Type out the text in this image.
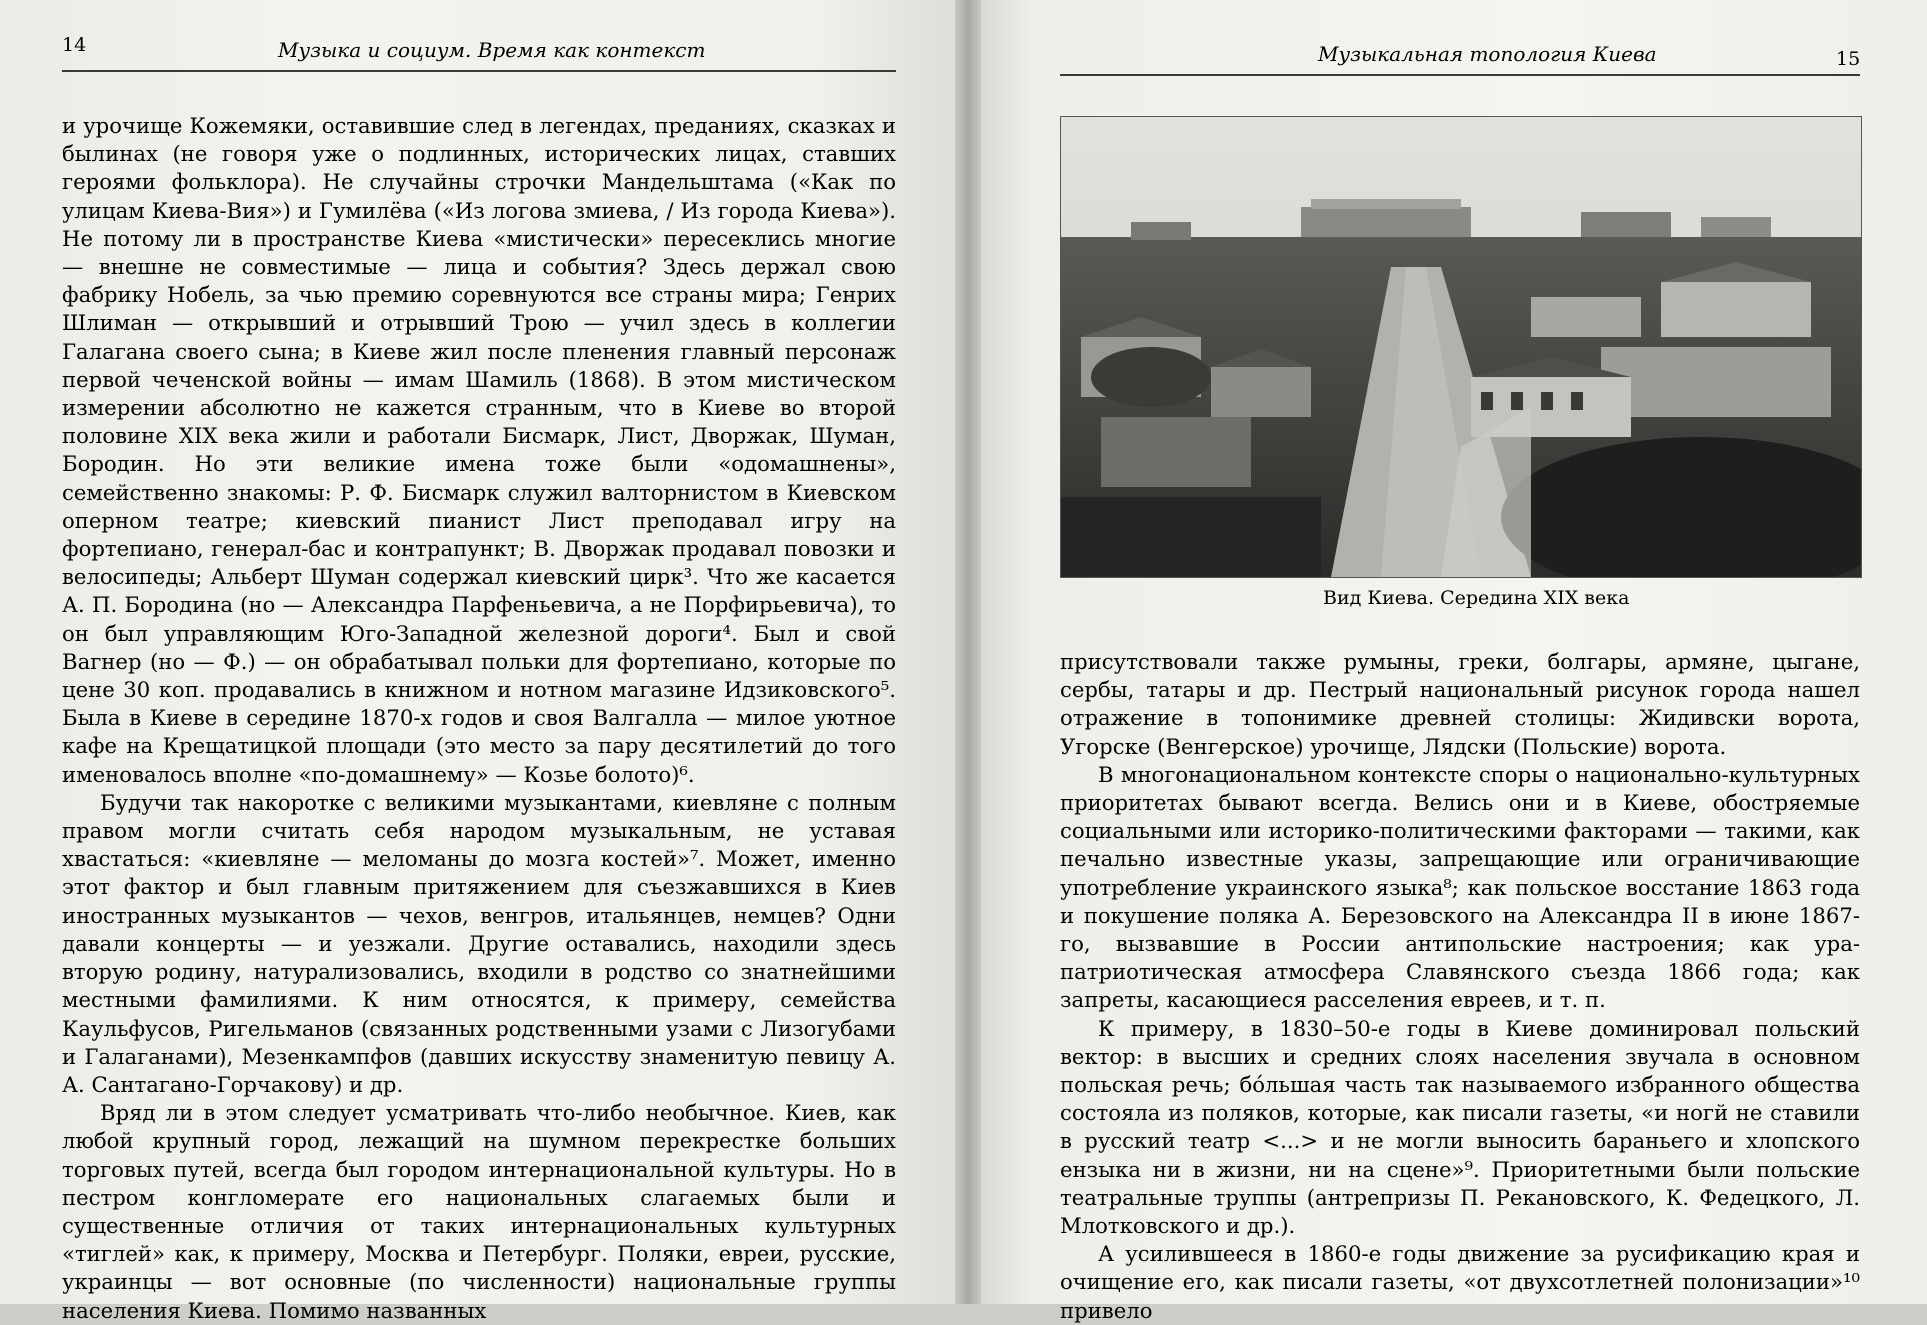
14	Музыка и социум. Время как контекст

и урочище Кожемяки, оставившие след в легендах, преданиях, сказках и былинах (не говоря уже о подлинных, исторических лицах, ставших героями фольклора). Не случайны строчки Мандельштама («Как по улицам Киева-Вия») и Гумилёва («Из логова змиева, / Из города Киева»). Не потому ли в пространстве Киева «мистически» пересеклись многие — внешне не совместимые — лица и события? Здесь держал свою фабрику Нобель, за чью премию соревнуются все страны мира; Генрих Шлиман — открывший и отрывший Трою — учил здесь в коллегии Галагана своего сына; в Киеве жил после пленения главный персонаж первой чеченской войны — имам Шамиль (1868). В этом мистическом измерении абсолютно не кажется странным, что в Киеве во второй половине XIX века жили и работали Бисмарк, Лист, Дворжак, Шуман, Бородин. Но эти великие имена тоже были «одомашнены», семейственно знакомы: Р. Ф. Бисмарк служил валторнистом в Киевском оперном театре; киевский пианист Лист преподавал игру на фортепиано, генерал-бас и контрапункт; В. Дворжак продавал повозки и велосипеды; Альберт Шуман содержал киевский цирк³. Что же касается А. П. Бородина (но — Александра Парфеньевича, а не Порфирьевича), то он был управляющим Юго-Западной железной дороги⁴. Был и свой Вагнер (но — Ф.) — он обрабатывал польки для фортепиано, которые по цене 30 коп. продавались в книжном и нотном магазине Идзиковского⁵. Была в Киеве в середине 1870-х годов и своя Валгалла — милое уютное кафе на Крещатицкой площади (это место за пару десятилетий до того именовалось вполне «по-домашнему» — Козье болото)⁶.

Будучи так накоротке с великими музыкантами, киевляне с полным правом могли считать себя народом музыкальным, не уставая хвастаться: «киевляне — меломаны до мозга костей»⁷. Может, именно этот фактор и был главным притяжением для съезжавшихся в Киев иностранных музыкантов — чехов, венгров, итальянцев, немцев? Одни давали концерты — и уезжали. Другие оставались, находили здесь вторую родину, натурализовались, входили в родство со знатнейшими местными фамилиями. К ним относятся, к примеру, семейства Каульфусов, Ригельманов (связанных родственными узами с Лизогубами и Галаганами), Мезенкампфов (давших искусству знаменитую певицу А. А. Сантагано-Горчакову) и др.

Вряд ли в этом следует усматривать что-либо необычное. Киев, как любой крупный город, лежащий на шумном перекрестке больших торговых путей, всегда был городом интернациональной культуры. Но в пестром конгломерате его национальных слагаемых были и существенные отличия от таких интернациональных культурных «тиглей» как, к примеру, Москва и Петербург. Поляки, евреи, русские, украинцы — вот основные (по численности) национальные группы населения Киева. Помимо названных

Музыкальная топология Киева	15
Вид Киева. Середина XIX века

присутствовали также румыны, греки, болгары, армяне, цыгане, сербы, татары и др. Пестрый национальный рисунок города нашел отражение в топонимике древней столицы: Жидивски ворота, Угорске (Венгерское) урочище, Лядски (Польские) ворота.

В многонациональном контексте споры о национально-культурных приоритетах бывают всегда. Велись они и в Киеве, обостряемые социальными или историко-политическими факторами — такими, как печально известные указы, запрещающие или ограничивающие употребление украинского языка⁸; как польское восстание 1863 года и покушение поляка А. Березовского на Александра II в июне 1867-го, вызвавшие в России антипольские настроения; как ура-патриотическая атмосфера Славянского съезда 1866 года; как запреты, касающиеся расселения евреев, и т. п.

К примеру, в 1830–50-е годы в Киеве доминировал польский вектор: в высших и средних слоях населения звучала в основном польская речь; бóльшая часть так называемого избранного общества состояла из поляков, которые, как писали газеты, «и ногй не ставили в русский театр <...> и не могли выносить бараньего и хлопского ензыка ни в жизни, ни на сцене»⁹. Приоритетными были польские театральные труппы (антрепризы П. Рекановского, К. Федецкого, Л. Млотковского и др.).

А усилившееся в 1860-е годы движение за русификацию края и очищение его, как писали газеты, «от двухсотлетней полонизации»¹⁰ привело
